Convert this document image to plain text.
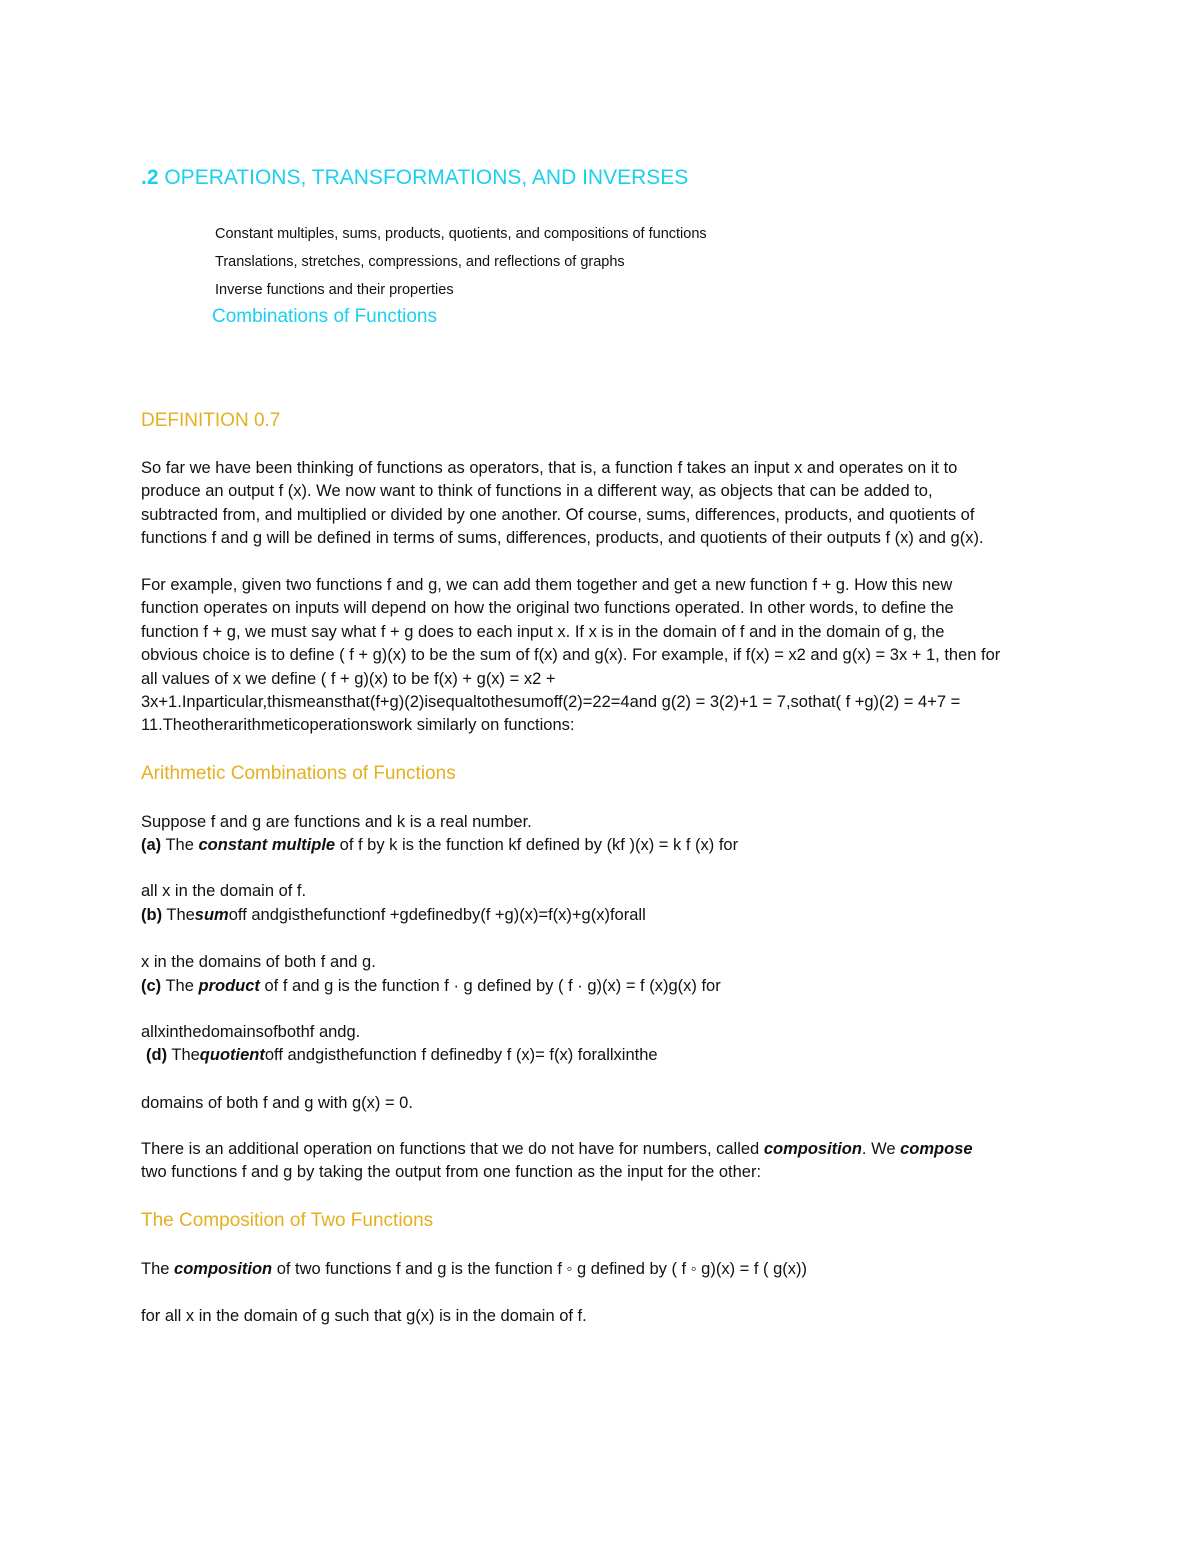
.2 OPERATIONS, TRANSFORMATIONS, AND INVERSES
Constant multiples, sums, products, quotients, and compositions of functions
Translations, stretches, compressions, and reflections of graphs
Inverse functions and their properties
Combinations of Functions
DEFINITION 0.7

So far we have been thinking of functions as operators, that is, a function f takes an input x and operates on it to

produce an output f (x). We now want to think of functions in a different way, as objects that can be added to,

subtracted from, and multiplied or divided by one another. Of course, sums, differences, products, and quotients of

functions f and g will be defined in terms of sums, differences, products, and quotients of their outputs f (x) and g(x).

For example, given two functions f and g, we can add them together and get a new function f + g. How this new

function operates on inputs will depend on how the original two functions operated. In other words, to define the

function f + g, we must say what f + g does to each input x. If x is in the domain of f and in the domain of g, the

obvious choice is to define ( f + g)(x) to be the sum of f(x) and g(x). For example, if f(x) = x2 and g(x) = 3x + 1, then for

all values of x we define ( f + g)(x) to be f(x) + g(x) = x2 +

3x+1.Inparticular,thismeansthat(f+g)(2)isequaltothesumoff(2)=22=4and g(2) = 3(2)+1 = 7,sothat( f +g)(2) = 4+7 =

11.Theotherarithmeticoperationswork similarly on functions:

Arithmetic Combinations of Functions
Suppose f and g are functions and k is a real number.
(a) The constant multiple of f by k is the function kf defined by (kf )(x) = k f (x) for
all x in the domain of f.
(b) Thesumoff andgisthefunctionf +gdefinedby(f +g)(x)=f(x)+g(x)forall
x in the domains of both f and g.
(c) The product of f and g is the function f · g defined by ( f · g)(x) = f (x)g(x) for
allxinthedomainsofbothf andg.
(d) Thequotientoff andgisthefunction f definedby f (x)= f(x) forallxinthe
domains of both f and g with g(x) = 0.

There is an additional operation on functions that we do not have for numbers, called composition. We compose

two functions f and g by taking the output from one function as the input for the other:

The Composition of Two Functions
The composition of two functions f and g is the function f ◦ g defined by ( f ◦ g)(x) = f ( g(x))
for all x in the domain of g such that g(x) is in the domain of f.
